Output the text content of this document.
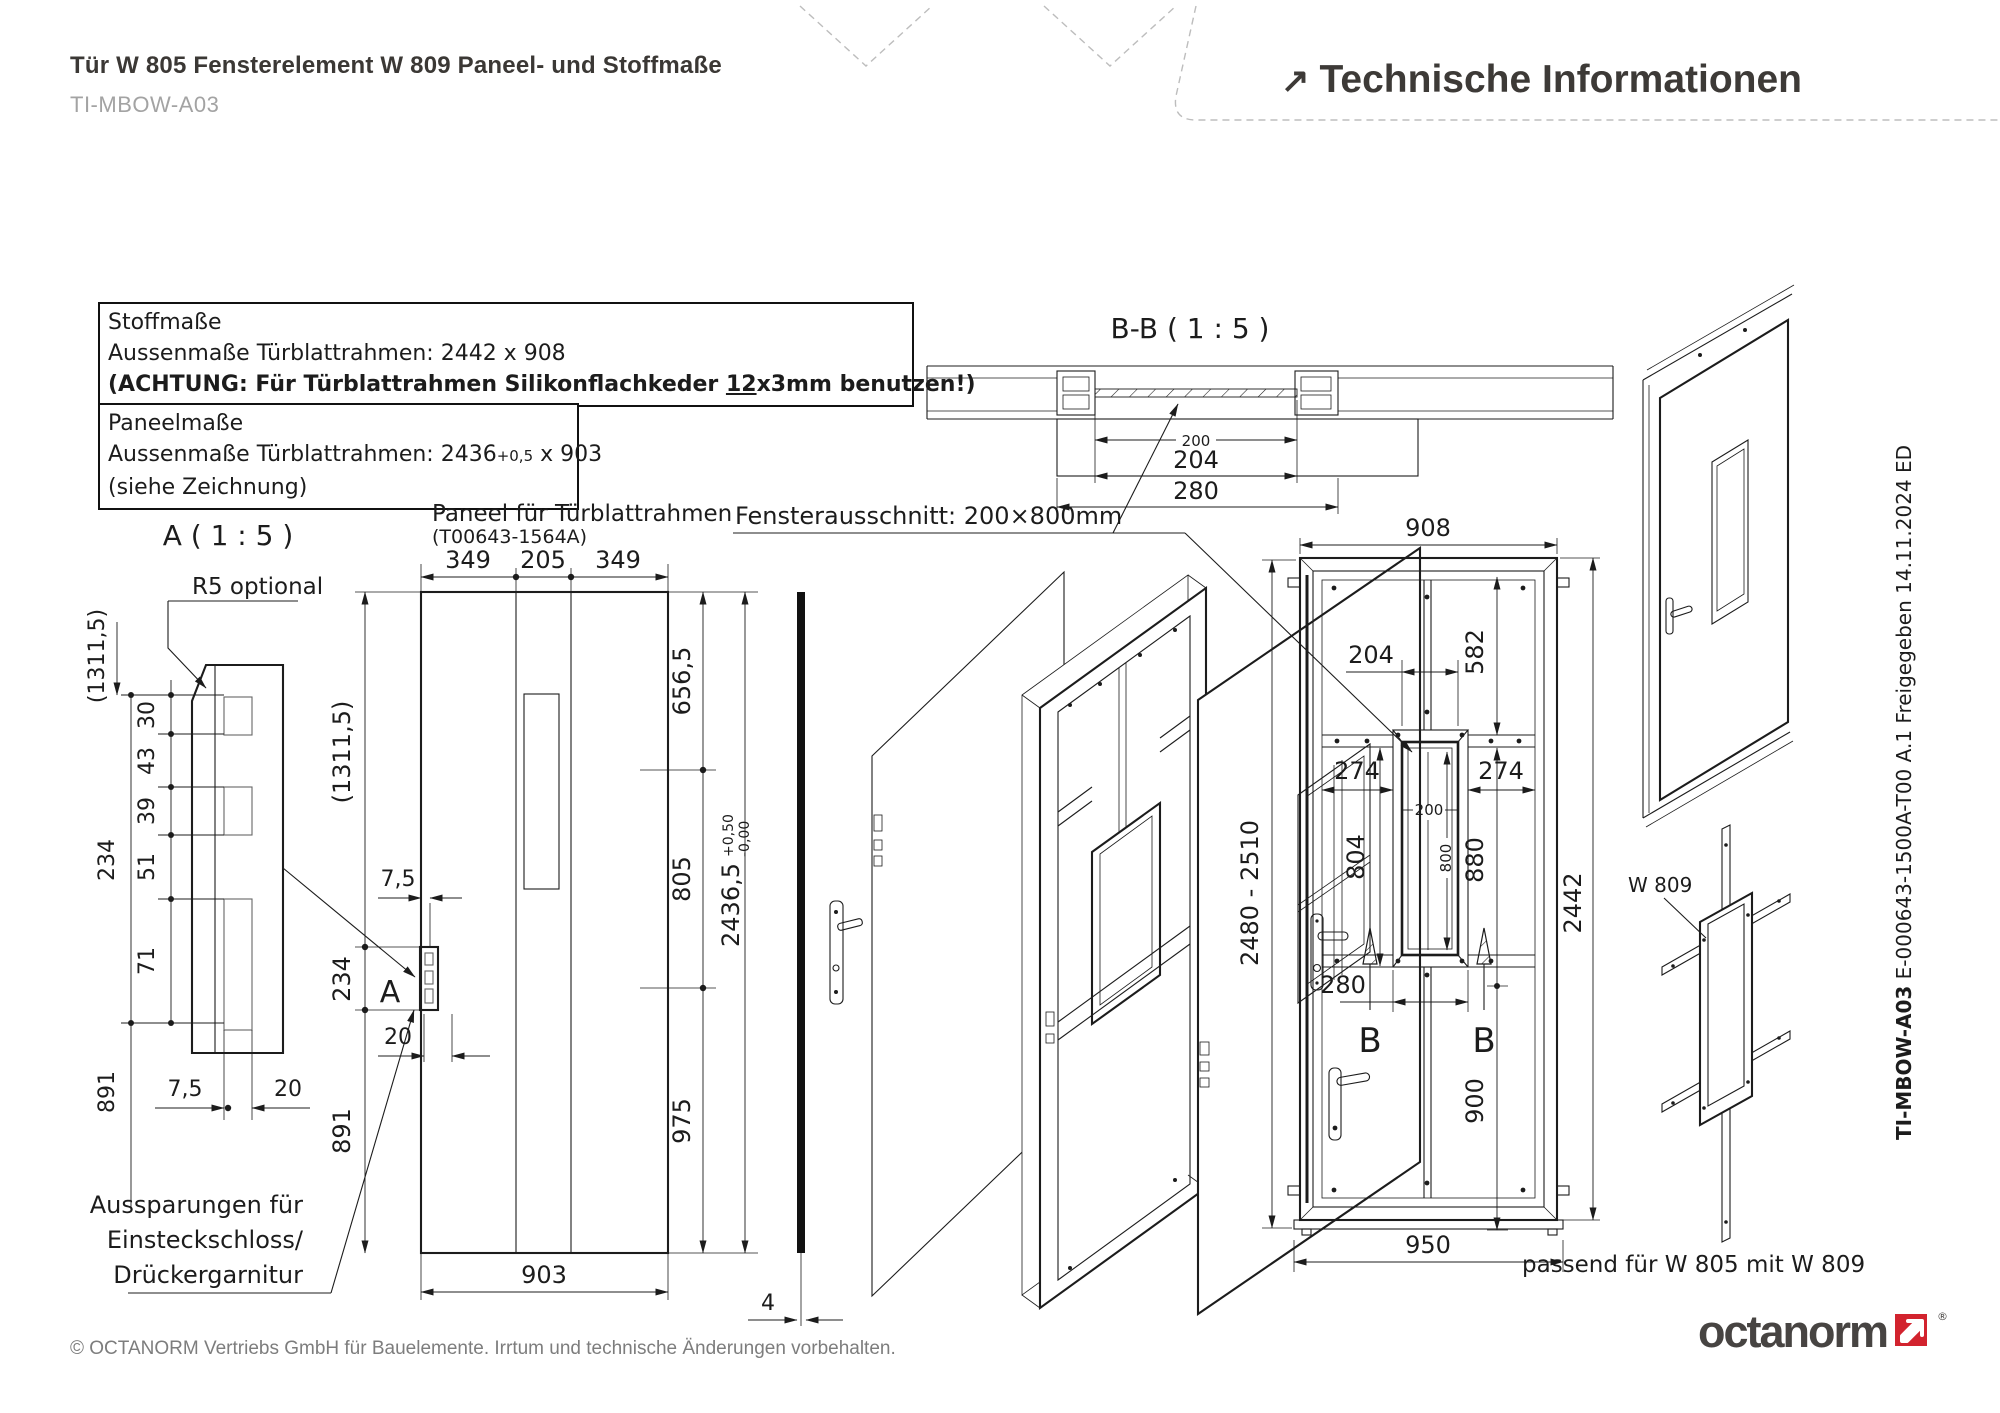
Tür W 805 Fensterelement W 809 Paneel- und Stoffmaße
TI-MBOW-A03
↗ Technische Informationen
Stoffmaße
Aussenmaße Türblattrahmen: 2442 x 908
(ACHTUNG: Für Türblattrahmen Silikonflachkeder 12x3mm benutzen!)
Paneelmaße
Aussenmaße Türblattrahmen: 2436+0,5 x 903
(siehe Zeichnung)
A ( 1 : 5 )
R5 optional
30
43
39
51
71
234
(1311,5)
891 7,5	20
Aussparungen für
Einsteckschloss/
Drückergarnitur
Paneel für Türblattrahmen
(T00643-1564A)
349 205 349
A
7,5
20
(1311,5)
234
891
656,5
805
975
2436,5
+0,50 -0,00
903
4
B-B ( 1 : 5 )
200
204
280
Fensterausschnitt: 200×800mm
B	B
908
2442
2480 - 2510
582
204
274	274
804	800
200
880
900
280
950
passend für W 805 mit W 809
W 809
TI-MBOW-A03 E-000643-1500A-T00 A.1 Freigegeben 14.11.2024 ED
© OCTANORM Vertriebs GmbH für Bauelemente. Irrtum und technische Änderungen vorbehalten.	octanorm	®
